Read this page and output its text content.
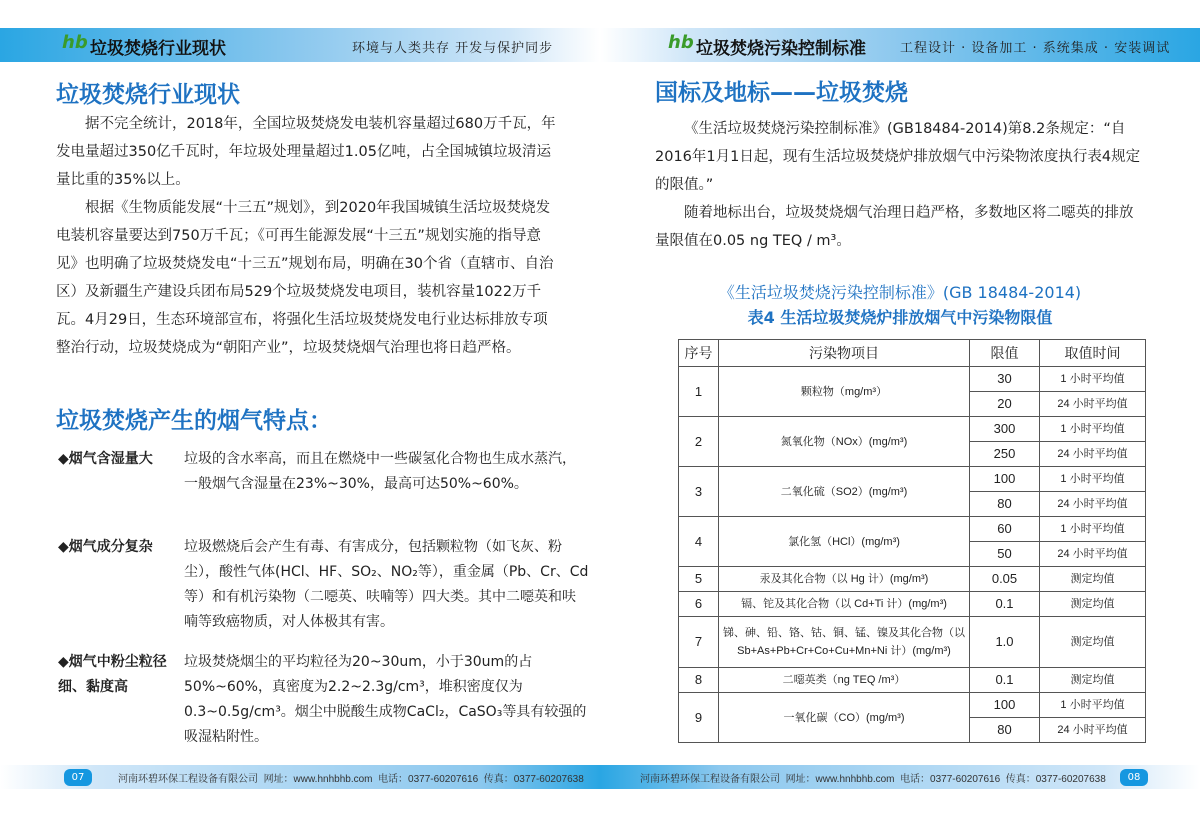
hb 垃圾焚烧行业现状	环境与人类共存 开发与保护同步	hb 垃圾焚烧污染控制标准	工程设计 · 设备加工 · 系统集成 · 安装调试
垃圾焚烧行业现状

据不完全统计，2018年，全国垃圾焚烧发电装机容量超过680万千瓦，年发电量超过350亿千瓦时，年垃圾处理量超过1.05亿吨，占全国城镇垃圾清运量比重的35%以上。

根据《生物质能发展“十三五”规划》，到2020年我国城镇生活垃圾焚烧发电装机容量要达到750万千瓦；《可再生能源发展“十三五”规划实施的指导意见》也明确了垃圾焚烧发电“十三五”规划布局，明确在30个省（直辖市、自治区）及新疆生产建设兵团布局529个垃圾焚烧发电项目，装机容量1022万千瓦。4月29日，生态环境部宣布，将强化生活垃圾焚烧发电行业达标排放专项整治行动，垃圾焚烧成为“朝阳产业”，垃圾焚烧烟气治理也将日趋严格。

垃圾焚烧产生的烟气特点：
◆烟气含湿量大	垃圾的含水率高，而且在燃烧中一些碳氢化合物也生成水蒸汽，一般烟气含湿量在23%~30%，最高可达50%~60%。
◆烟气成分复杂	垃圾燃烧后会产生有毒、有害成分，包括颗粒物（如飞灰、粉尘），酸性气体(HCl、HF、SO₂、NO₂等），重金属（Pb、Cr、Cd 等）和有机污染物（二噁英、呋喃等）四大类。其中二噁英和呋喃等致癌物质，对人体极其有害。
◆烟气中粉尘粒径细、黏度高
垃圾焚烧烟尘的平均粒径为20~30um，小于30um的占50%~60%，真密度为2.2~2.3g/cm³，堆积密度仅为0.3~0.5g/cm³。烟尘中脱酸生成物CaCl₂，CaSO₃等具有较强的吸湿粘附性。
国标及地标——垃圾焚烧

《生活垃圾焚烧污染控制标准》(GB18484-2014)第8.2条规定：“自2016年1月1日起，现有生活垃圾焚烧炉排放烟气中污染物浓度执行表4规定的限值。”

随着地标出台，垃圾焚烧烟气治理日趋严格，多数地区将二噁英的排放量限值在0.05 ng TEQ / m³。

《生活垃圾焚烧污染控制标准》(GB 18484-2014)
表4 生活垃圾焚烧炉排放烟气中污染物限值
序号	污染物项目	限值	取值时间
1	颗粒物（mg/m³）	30	1 小时平均值
		20	24 小时平均值
2	氮氧化物（NOx）(mg/m³)	300	1 小时平均值
		250	24 小时平均值
3	二氧化硫（SO2）(mg/m³)	100	1 小时平均值
		80	24 小时平均值
4	氯化氢（HCl）(mg/m³)	60	1 小时平均值
		50	24 小时平均值
5	汞及其化合物（以 Hg 计）(mg/m³)	0.05	测定均值
6	镉、铊及其化合物（以 Cd+Ti 计）(mg/m³)	0.1	测定均值
7	锑、砷、铅、铬、钴、铜、锰、镍及其化合物（以 Sb+As+Pb+Cr+Co+Cu+Mn+Ni 计）(mg/m³)	1.0	测定均值
8	二噁英类（ng TEQ /m³）	0.1	测定均值
9	一氧化碳（CO）(mg/m³)	100	1 小时平均值
		80	24 小时平均值
07	河南环碧环保工程设备有限公司 网址：www.hnhbhb.com 电话：0377-60207616 传真：0377-60207638	河南环碧环保工程设备有限公司 网址：www.hnhbhb.com 电话：0377-60207616 传真：0377-60207638	08
